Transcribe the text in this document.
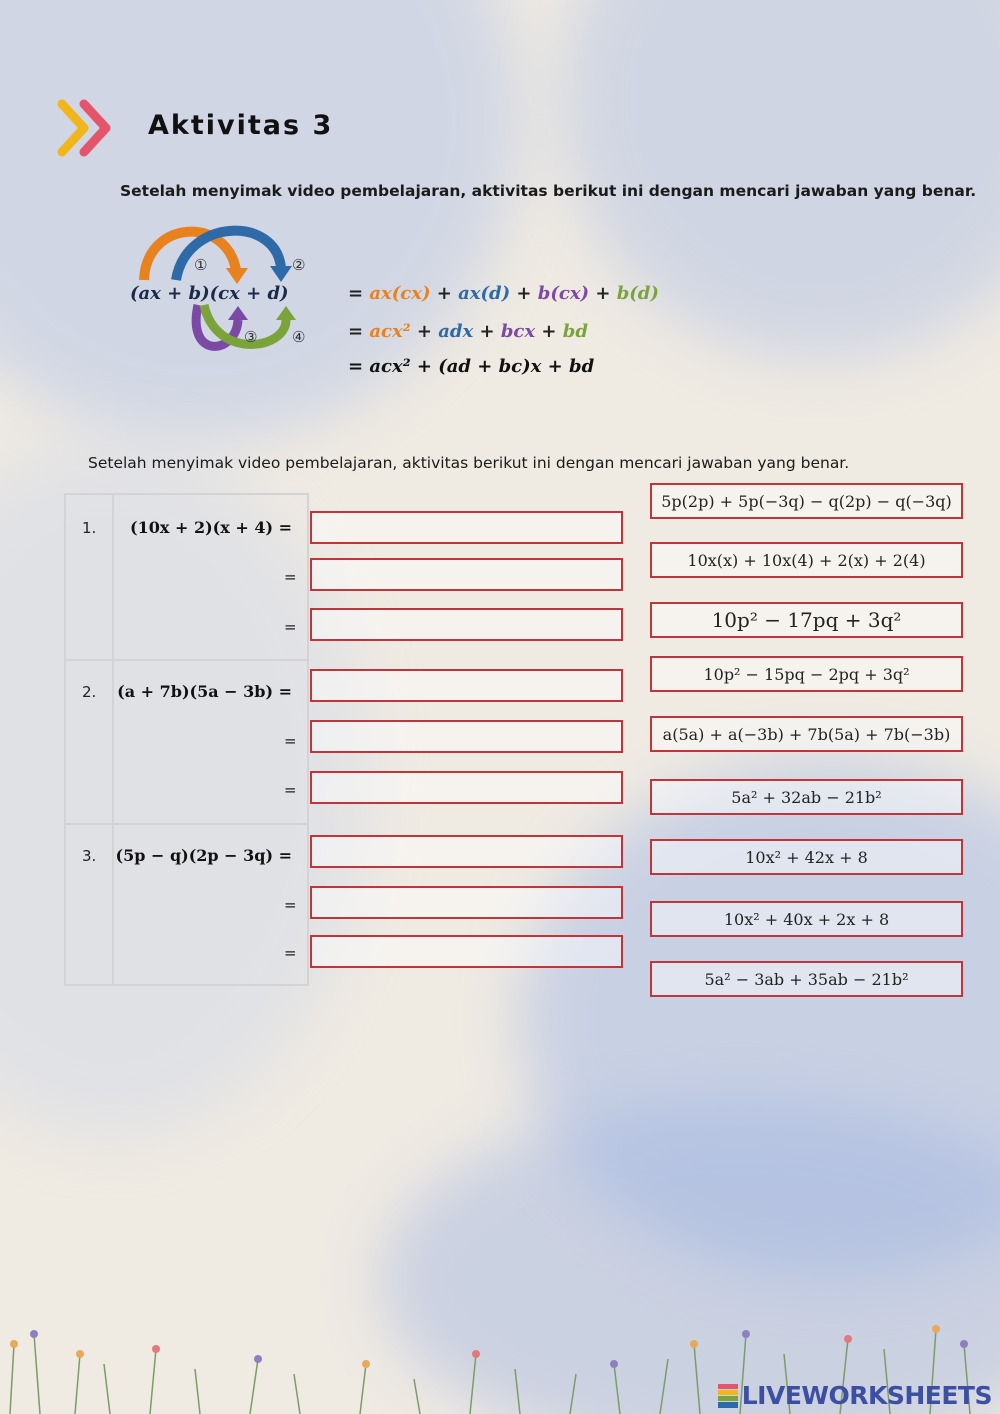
Aktivitas 3
Setelah menyimak video pembelajaran, aktivitas berikut ini dengan mencari jawaban yang benar.
①	②
③ ④
(ax + b)(cx + d)	= ax(cx) + ax(d) + b(cx) + b(d)
= acx² + adx + bcx + bd
= acx² + (ad + bc)x + bd
Setelah menyimak video pembelajaran, aktivitas berikut ini dengan mencari jawaban yang benar.
1. (10x + 2)(x + 4) =
=
=
2. (a + 7b)(5a − 3b) =
=
=
3. (5p − q)(2p − 3q) =
=
=
5p(2p) + 5p(−3q) − q(2p) − q(−3q)
10x(x) + 10x(4) + 2(x) + 2(4)
10p² − 17pq + 3q²
10p² − 15pq − 2pq + 3q²
a(5a) + a(−3b) + 7b(5a) + 7b(−3b)
5a² + 32ab − 21b²
10x² + 42x + 8
10x² + 40x + 2x + 8
5a² − 3ab + 35ab − 21b²
LIVEWORKSHEETS
